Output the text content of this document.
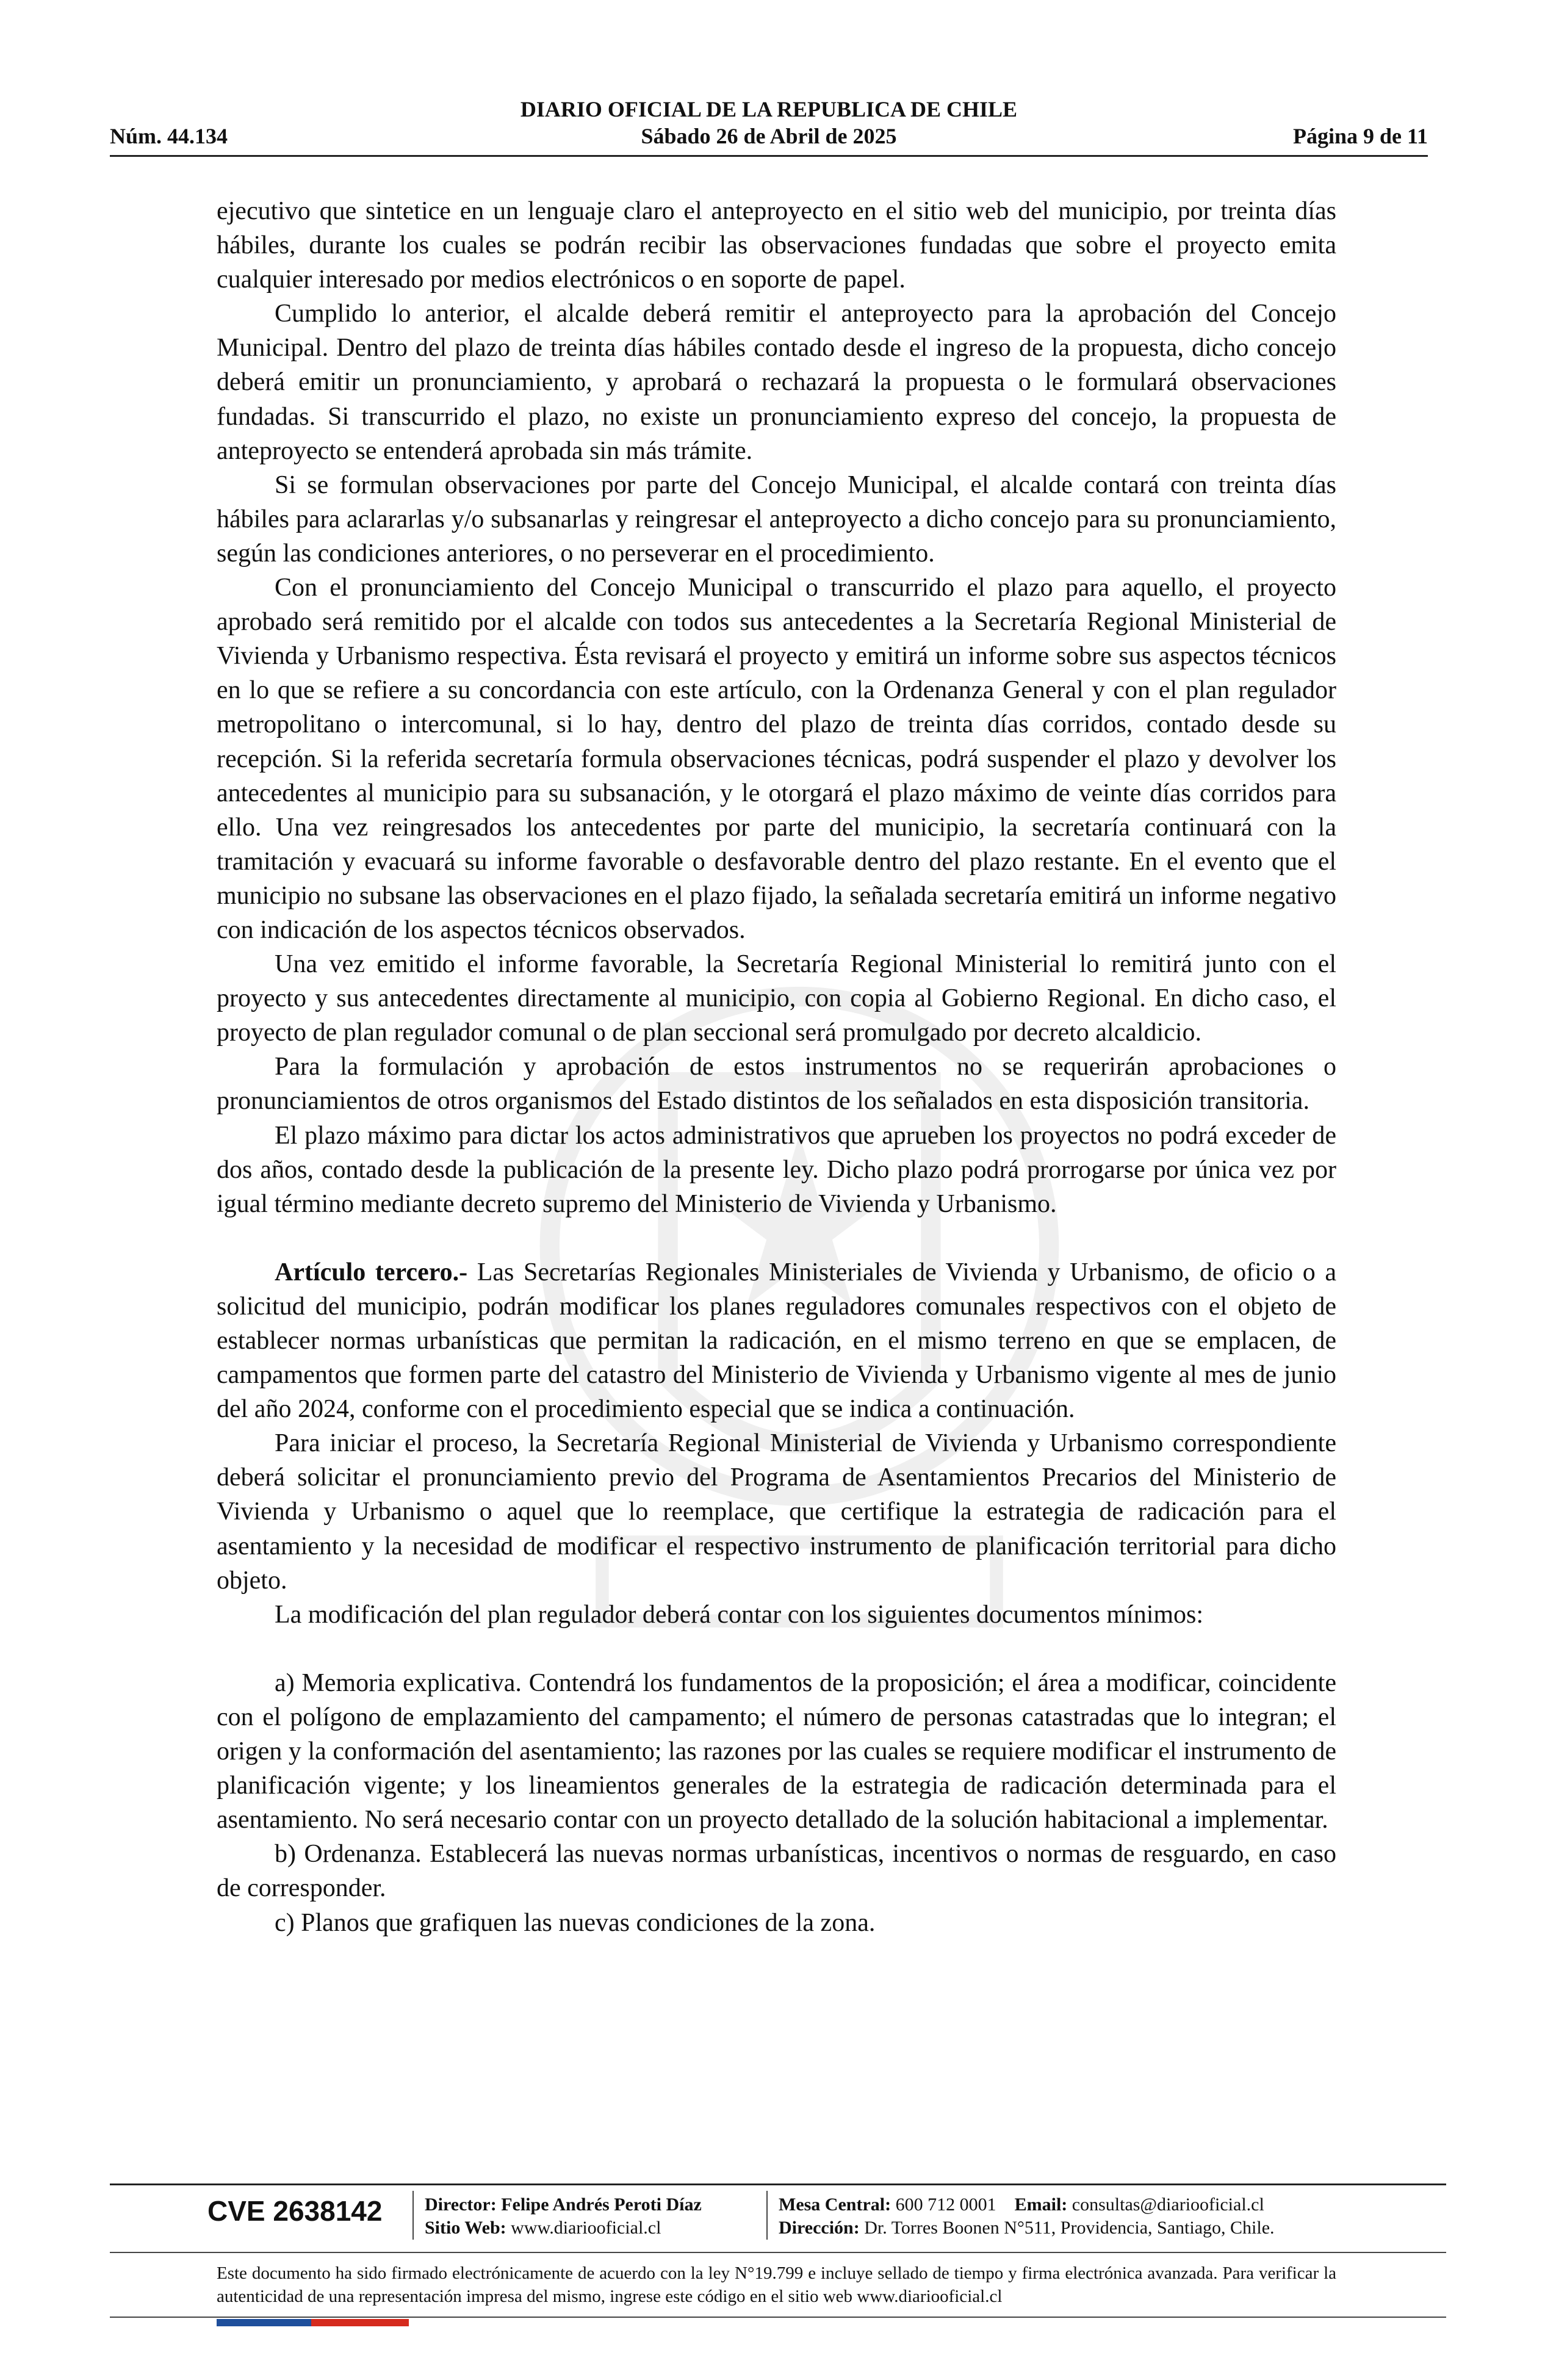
DIARIO OFICIAL DE LA REPUBLICA DE CHILE
Núm. 44.134	Sábado 26 de Abril de 2025	Página 9 de 11

ejecutivo que sintetice en un lenguaje claro el anteproyecto en el sitio web del municipio, por treinta días hábiles, durante los cuales se podrán recibir las observaciones fundadas que sobre el proyecto emita cualquier interesado por medios electrónicos o en soporte de papel.

Cumplido lo anterior, el alcalde deberá remitir el anteproyecto para la aprobación del Concejo Municipal. Dentro del plazo de treinta días hábiles contado desde el ingreso de la propuesta, dicho concejo deberá emitir un pronunciamiento, y aprobará o rechazará la propuesta o le formulará observaciones fundadas. Si transcurrido el plazo, no existe un pronunciamiento expreso del concejo, la propuesta de anteproyecto se entenderá aprobada sin más trámite.

Si se formulan observaciones por parte del Concejo Municipal, el alcalde contará con treinta días hábiles para aclararlas y/o subsanarlas y reingresar el anteproyecto a dicho concejo para su pronunciamiento, según las condiciones anteriores, o no perseverar en el procedimiento.

Con el pronunciamiento del Concejo Municipal o transcurrido el plazo para aquello, el proyecto aprobado será remitido por el alcalde con todos sus antecedentes a la Secretaría Regional Ministerial de Vivienda y Urbanismo respectiva. Ésta revisará el proyecto y emitirá un informe sobre sus aspectos técnicos en lo que se refiere a su concordancia con este artículo, con la Ordenanza General y con el plan regulador metropolitano o intercomunal, si lo hay, dentro del plazo de treinta días corridos, contado desde su recepción. Si la referida secretaría formula observaciones técnicas, podrá suspender el plazo y devolver los antecedentes al municipio para su subsanación, y le otorgará el plazo máximo de veinte días corridos para ello. Una vez reingresados los antecedentes por parte del municipio, la secretaría continuará con la tramitación y evacuará su informe favorable o desfavorable dentro del plazo restante. En el evento que el municipio no subsane las observaciones en el plazo fijado, la señalada secretaría emitirá un informe negativo con indicación de los aspectos técnicos observados.

Una vez emitido el informe favorable, la Secretaría Regional Ministerial lo remitirá junto con el proyecto y sus antecedentes directamente al municipio, con copia al Gobierno Regional. En dicho caso, el proyecto de plan regulador comunal o de plan seccional será promulgado por decreto alcaldicio.

Para la formulación y aprobación de estos instrumentos no se requerirán aprobaciones o pronunciamientos de otros organismos del Estado distintos de los señalados en esta disposición transitoria.

El plazo máximo para dictar los actos administrativos que aprueben los proyectos no podrá exceder de dos años, contado desde la publicación de la presente ley. Dicho plazo podrá prorrogarse por única vez por igual término mediante decreto supremo del Ministerio de Vivienda y Urbanismo.

Artículo tercero.- Las Secretarías Regionales Ministeriales de Vivienda y Urbanismo, de oficio o a solicitud del municipio, podrán modificar los planes reguladores comunales respectivos con el objeto de establecer normas urbanísticas que permitan la radicación, en el mismo terreno en que se emplacen, de campamentos que formen parte del catastro del Ministerio de Vivienda y Urbanismo vigente al mes de junio del año 2024, conforme con el procedimiento especial que se indica a continuación.

Para iniciar el proceso, la Secretaría Regional Ministerial de Vivienda y Urbanismo correspondiente deberá solicitar el pronunciamiento previo del Programa de Asentamientos Precarios del Ministerio de Vivienda y Urbanismo o aquel que lo reemplace, que certifique la estrategia de radicación para el asentamiento y la necesidad de modificar el respectivo instrumento de planificación territorial para dicho objeto.

La modificación del plan regulador deberá contar con los siguientes documentos mínimos:

a) Memoria explicativa. Contendrá los fundamentos de la proposición; el área a modificar, coincidente con el polígono de emplazamiento del campamento; el número de personas catastradas que lo integran; el origen y la conformación del asentamiento; las razones por las cuales se requiere modificar el instrumento de planificación vigente; y los lineamientos generales de la estrategia de radicación determinada para el asentamiento. No será necesario contar con un proyecto detallado de la solución habitacional a implementar.

b) Ordenanza. Establecerá las nuevas normas urbanísticas, incentivos o normas de resguardo, en caso de corresponder.

c) Planos que grafiquen las nuevas condiciones de la zona.

CVE 2638142 Director: Felipe Andrés Peroti Díaz
Sitio Web: www.diariooficial.cl
Mesa Central: 600 712 0001 Email: consultas@diariooficial.cl
Dirección: Dr. Torres Boonen N°511, Providencia, Santiago, Chile.
Este documento ha sido firmado electrónicamente de acuerdo con la ley N°19.799 e incluye sellado de tiempo y firma electrónica avanzada. Para verificar la autenticidad de una representación impresa del mismo, ingrese este código en el sitio web www.diariooficial.cl
